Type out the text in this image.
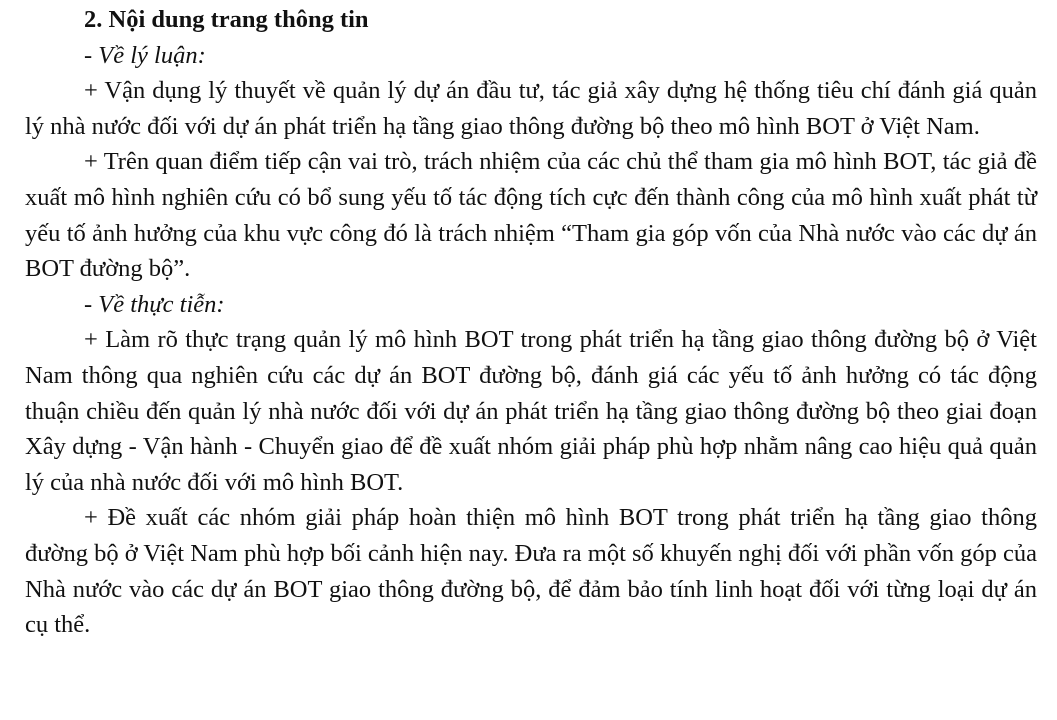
2. Nội dung trang thông tin

- Về lý luận:

+ Vận dụng lý thuyết về quản lý dự án đầu tư, tác giả xây dựng hệ thống tiêu chí đánh giá quản lý nhà nước đối với dự án phát triển hạ tầng giao thông đường bộ theo mô hình BOT ở Việt Nam.

+ Trên quan điểm tiếp cận vai trò, trách nhiệm của các chủ thể tham gia mô hình BOT, tác giả đề xuất mô hình nghiên cứu có bổ sung yếu tố tác động tích cực đến thành công của mô hình xuất phát từ yếu tố ảnh hưởng của khu vực công đó là trách nhiệm “Tham gia góp vốn của Nhà nước vào các dự án BOT đường bộ”.

- Về thực tiễn:

+ Làm rõ thực trạng quản lý mô hình BOT trong phát triển hạ tầng giao thông đường bộ ở Việt Nam thông qua nghiên cứu các dự án BOT đường bộ, đánh giá các yếu tố ảnh hưởng có tác động thuận chiều đến quản lý nhà nước đối với dự án phát triển hạ tầng giao thông đường bộ theo giai đoạn Xây dựng - Vận hành - Chuyển giao để đề xuất nhóm giải pháp phù hợp nhằm nâng cao hiệu quả quản lý của nhà nước đối với mô hình BOT.

+ Đề xuất các nhóm giải pháp hoàn thiện mô hình BOT trong phát triển hạ tầng giao thông đường bộ ở Việt Nam phù hợp bối cảnh hiện nay. Đưa ra một số khuyến nghị đối với phần vốn góp của Nhà nước vào các dự án BOT giao thông đường bộ, để đảm bảo tính linh hoạt đối với từng loại dự án cụ thể.
